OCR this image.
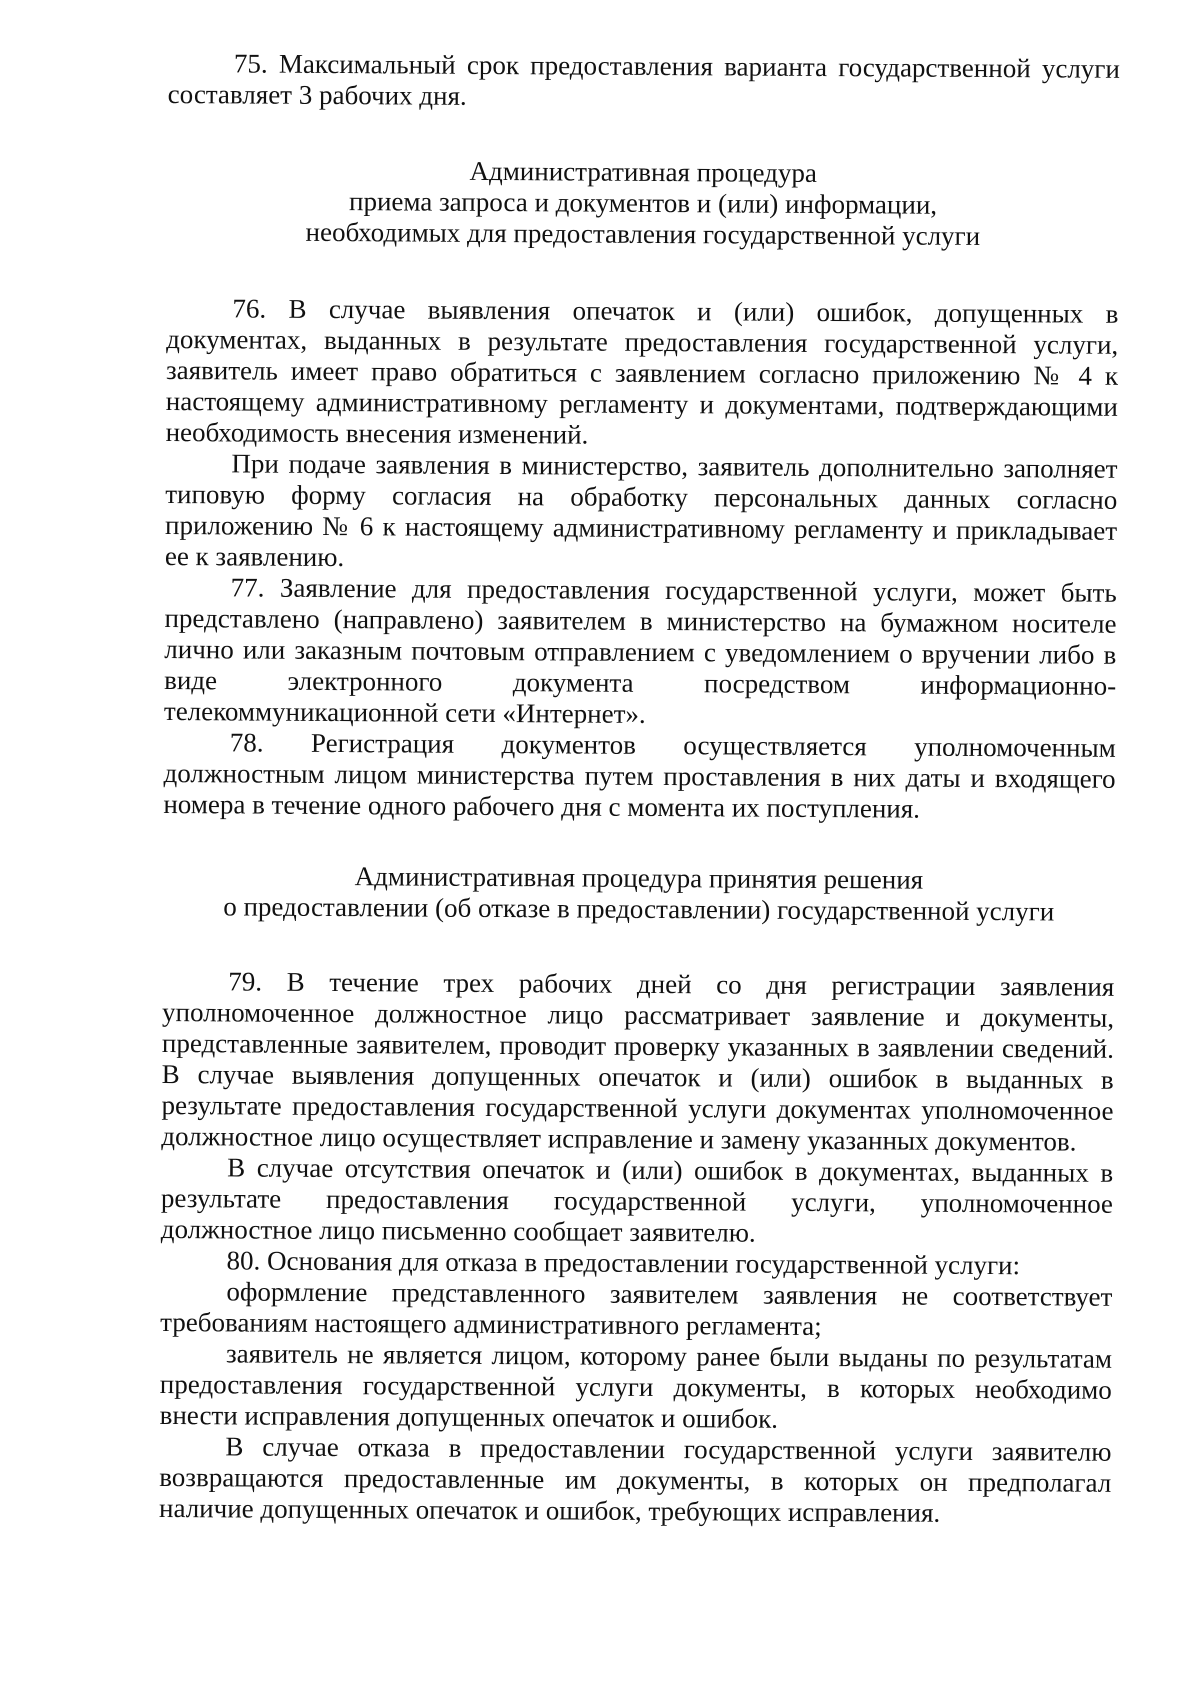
75. Максимальный срок предоставления варианта государственной услуги составляет 3 рабочих дня.

Административная процедура
приема запроса и документов и (или) информации,
необходимых для предоставления государственной услуги

76. В случае выявления опечаток и (или) ошибок, допущенных в документах, выданных в результате предоставления государственной услуги, заявитель имеет право обратиться с заявлением согласно приложению № 4 к настоящему административному регламенту и документами, подтверждающими необходимость внесения изменений.

При подаче заявления в министерство, заявитель дополнительно заполняет типовую форму согласия на обработку персональных данных согласно приложению № 6 к настоящему административному регламенту и прикладывает ее к заявлению.

77. Заявление для предоставления государственной услуги, может быть представлено (направлено) заявителем в министерство на бумажном носителе лично или заказным почтовым отправлением с уведомлением о вручении либо в виде электронного документа посредством информационно-телекоммуникационной сети «Интернет».

78. Регистрация документов осуществляется уполномоченным должностным лицом министерства путем проставления в них даты и входящего номера в течение одного рабочего дня с момента их поступления.

Административная процедура принятия решения
о предоставлении (об отказе в предоставлении) государственной услуги

79. В течение трех рабочих дней со дня регистрации заявления уполномоченное должностное лицо рассматривает заявление и документы, представленные заявителем, проводит проверку указанных в заявлении сведений. В случае выявления допущенных опечаток и (или) ошибок в выданных в результате предоставления государственной услуги документах уполномоченное должностное лицо осуществляет исправление и замену указанных документов.

В случае отсутствия опечаток и (или) ошибок в документах, выданных в результате предоставления государственной услуги, уполномоченное должностное лицо письменно сообщает заявителю.

80. Основания для отказа в предоставлении государственной услуги:

оформление представленного заявителем заявления не соответствует требованиям настоящего административного регламента;

заявитель не является лицом, которому ранее были выданы по результатам предоставления государственной услуги документы, в которых необходимо внести исправления допущенных опечаток и ошибок.

В случае отказа в предоставлении государственной услуги заявителю возвращаются предоставленные им документы, в которых он предполагал наличие допущенных опечаток и ошибок, требующих исправления.
